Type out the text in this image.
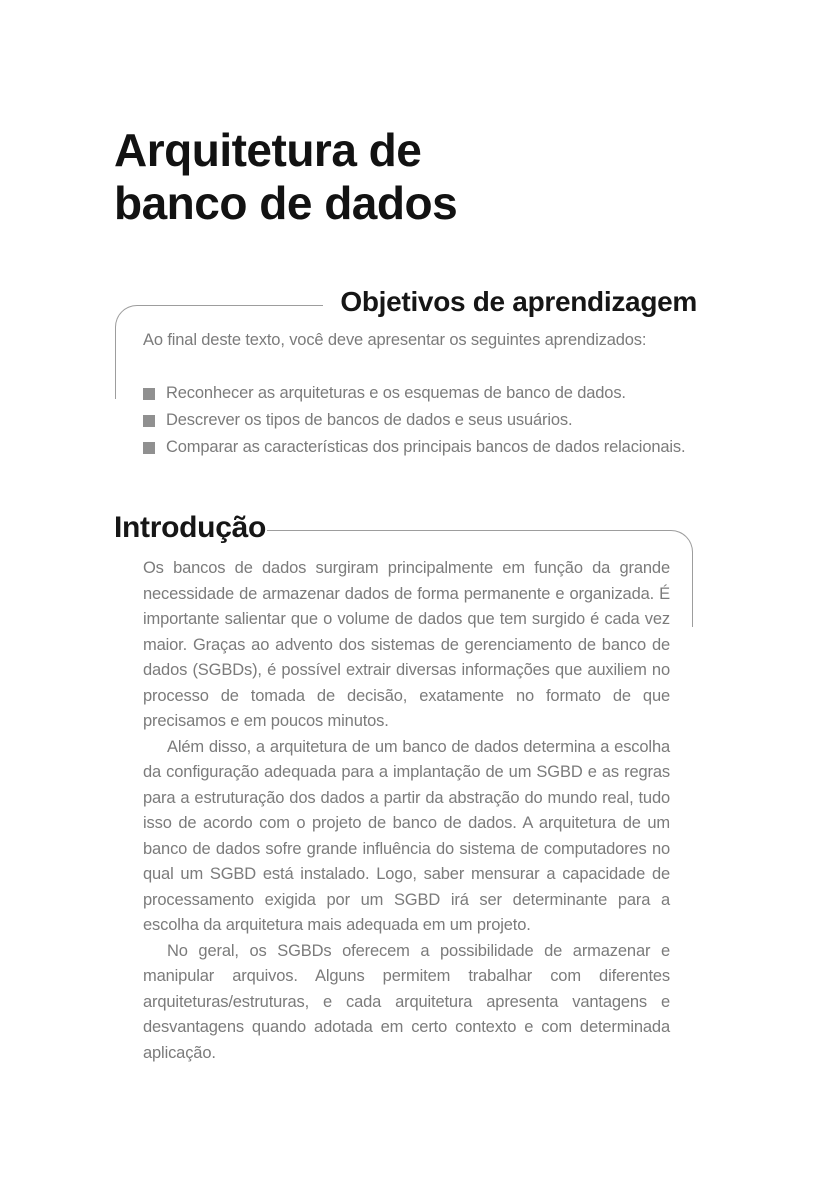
Arquitetura de
banco de dados
Objetivos de aprendizagem

Ao final deste texto, você deve apresentar os seguintes aprendizados:

Reconhecer as arquiteturas e os esquemas de banco de dados.
Descrever os tipos de bancos de dados e seus usuários.
Comparar as características dos principais bancos de dados relacionais.
Introdução

Os bancos de dados surgiram principalmente em função da grande necessidade de armazenar dados de forma permanente e organizada. É importante salientar que o volume de dados que tem surgido é cada vez maior. Graças ao advento dos sistemas de gerenciamento de banco de dados (SGBDs), é possível extrair diversas informações que auxiliem no processo de tomada de decisão, exatamente no formato de que precisamos e em poucos minutos.

Além disso, a arquitetura de um banco de dados determina a escolha da configuração adequada para a implantação de um SGBD e as regras para a estruturação dos dados a partir da abstração do mundo real, tudo isso de acordo com o projeto de banco de dados. A arquitetura de um banco de dados sofre grande influência do sistema de computadores no qual um SGBD está instalado. Logo, saber mensurar a capacidade de processamento exigida por um SGBD irá ser determinante para a escolha da arquitetura mais adequada em um projeto.

No geral, os SGBDs oferecem a possibilidade de armazenar e manipular arquivos. Alguns permitem trabalhar com diferentes arquiteturas/estruturas, e cada arquitetura apresenta vantagens e desvantagens quando adotada em certo contexto e com determinada aplicação.
